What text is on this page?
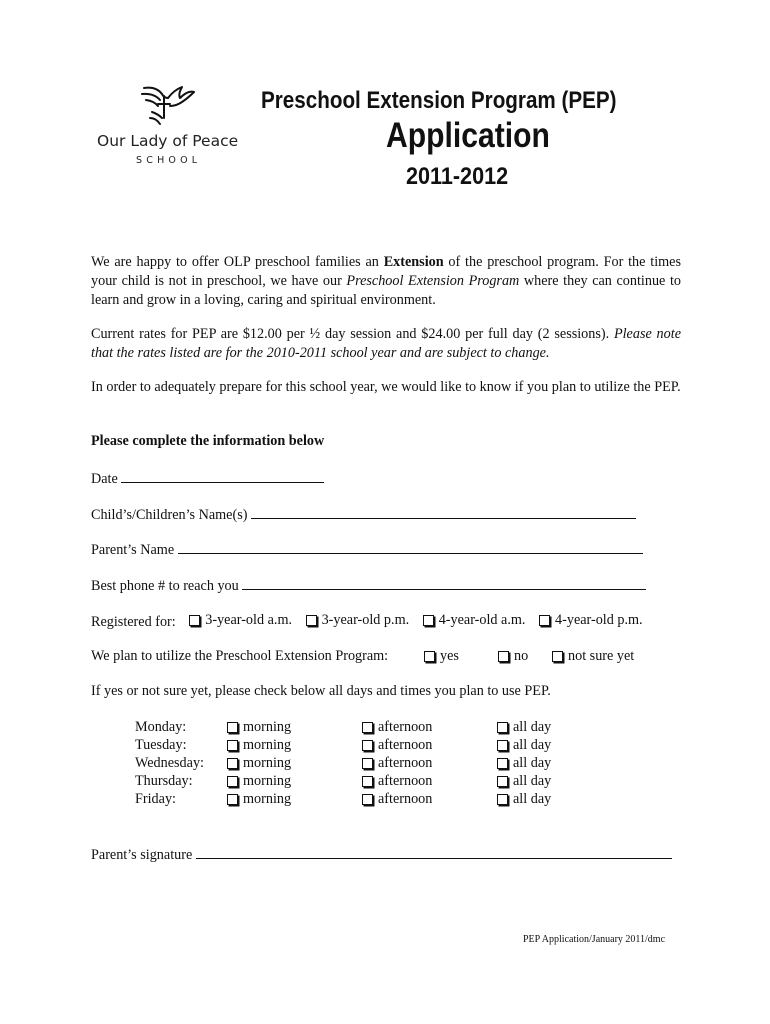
Our Lady of Peace
SCHOOL
Preschool Extension Program (PEP)
Application
2011-2012
We are happy to offer OLP preschool families an Extension of the preschool program. For the times your child is not in preschool, we have our Preschool Extension Program where they can continue to learn and grow in a loving, caring and spiritual environment.
Current rates for PEP are $12.00 per ½ day session and $24.00 per full day (2 sessions). Please note that the rates listed are for the 2010-2011 school year and are subject to change.
In order to adequately prepare for this school year, we would like to know if you plan to utilize the PEP.
Please complete the information below
Date
Child’s/Children’s Name(s)
Parent’s Name
Best phone # to reach you
Registered for: 3-year-old a.m.
3-year-old p.m.
4-year-old a.m.
4-year-old p.m.
We plan to utilize the Preschool Extension Program:	yes	no	not sure yet
If yes or not sure yet, please check below all days and times you plan to use PEP.
Monday:	morning	afternoon	all day
Tuesday:	morning	afternoon	all day
Wednesday:	morning	afternoon	all day
Thursday:	morning	afternoon	all day
Friday:	morning	afternoon	all day
Parent’s signature
PEP Application/January 2011/dmc
